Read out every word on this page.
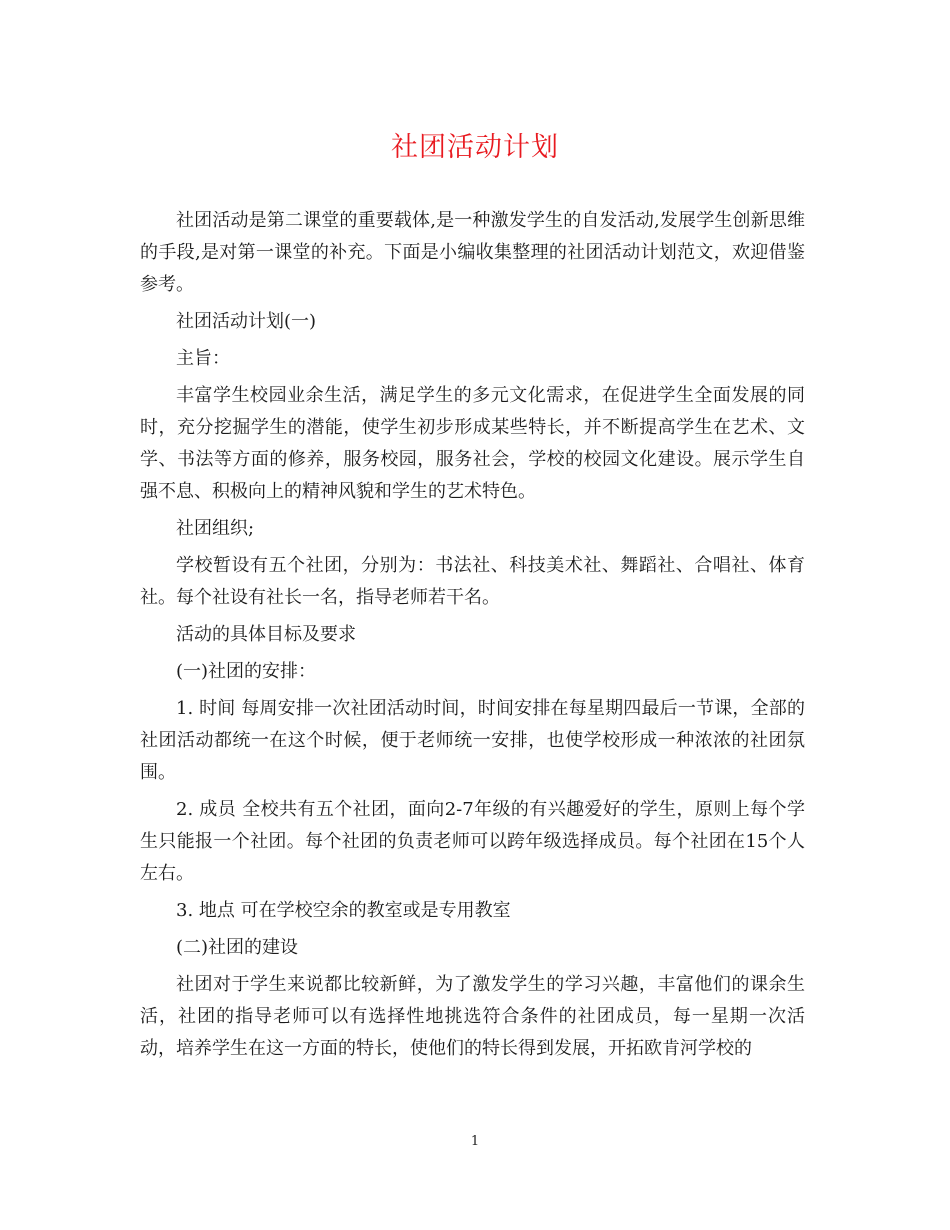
社团活动计划

社团活动是第二课堂的重要载体,是一种激发学生的自发活动,发展学生创新思维的手段,是对第一课堂的补充。下面是小编收集整理的社团活动计划范文，欢迎借鉴参考。

社团活动计划(一)

主旨：

丰富学生校园业余生活，满足学生的多元文化需求，在促进学生全面发展的同时，充分挖掘学生的潜能，使学生初步形成某些特长，并不断提高学生在艺术、文学、书法等方面的修养，服务校园，服务社会，学校的校园文化建设。展示学生自强不息、积极向上的精神风貌和学生的艺术特色。

社团组织;

学校暂设有五个社团，分别为：书法社、科技美术社、舞蹈社、合唱社、体育社。每个社设有社长一名，指导老师若干名。

活动的具体目标及要求

(一)社团的安排：

1. 时间 每周安排一次社团活动时间，时间安排在每星期四最后一节课，全部的社团活动都统一在这个时候，便于老师统一安排，也使学校形成一种浓浓的社团氛围。

2. 成员 全校共有五个社团，面向2-7年级的有兴趣爱好的学生，原则上每个学生只能报一个社团。每个社团的负责老师可以跨年级选择成员。每个社团在15个人左右。

3. 地点 可在学校空余的教室或是专用教室

(二)社团的建设

社团对于学生来说都比较新鲜，为了激发学生的学习兴趣，丰富他们的课余生活，社团的指导老师可以有选择性地挑选符合条件的社团成员，每一星期一次活动，培养学生在这一方面的特长，使他们的特长得到发展，开拓欧肯河学校的

1
